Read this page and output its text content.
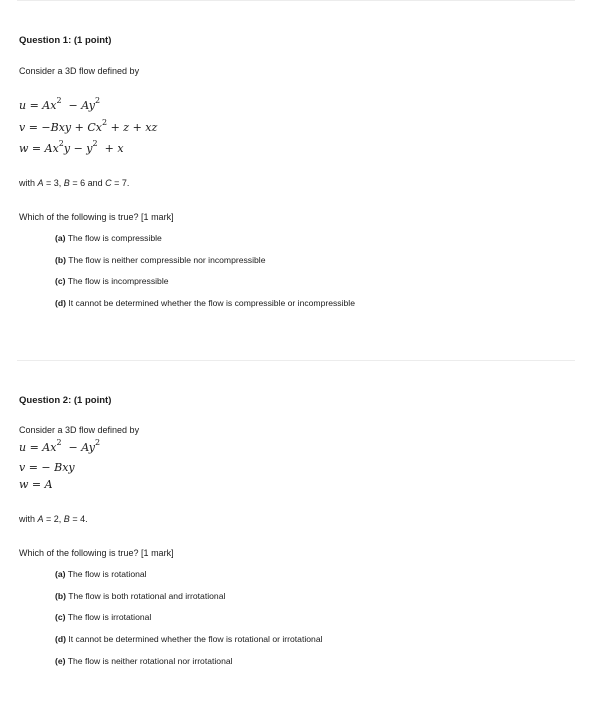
Question 1: (1 point)
Consider a 3D flow defined by
$u = Ax^2 - Ay^2$
$v = -Bxy + Cx^2 + z$ + xz
$w = Ax^2y - y^2 + x$
with A = 3, B = 6 and C = 7.
Which of the following is true? [1 mark]
(a) The flow is compressible
(b) The flow is neither compressible nor incompressible
(c) The flow is incompressible
(d) It cannot be determined whether the flow is compressible or incompressible
Question 2: (1 point)
Consider a 3D flow defined by
$u = Ax^2 - Ay^2$
v = − Bxy
w = A
with A = 2, B = 4.
Which of the following is true? [1 mark]
(a) The flow is rotational
(b) The flow is both rotational and irrotational
(c) The flow is irrotational
(d) It cannot be determined whether the flow is rotational or irrotational
(e) The flow is neither rotational nor irrotational
